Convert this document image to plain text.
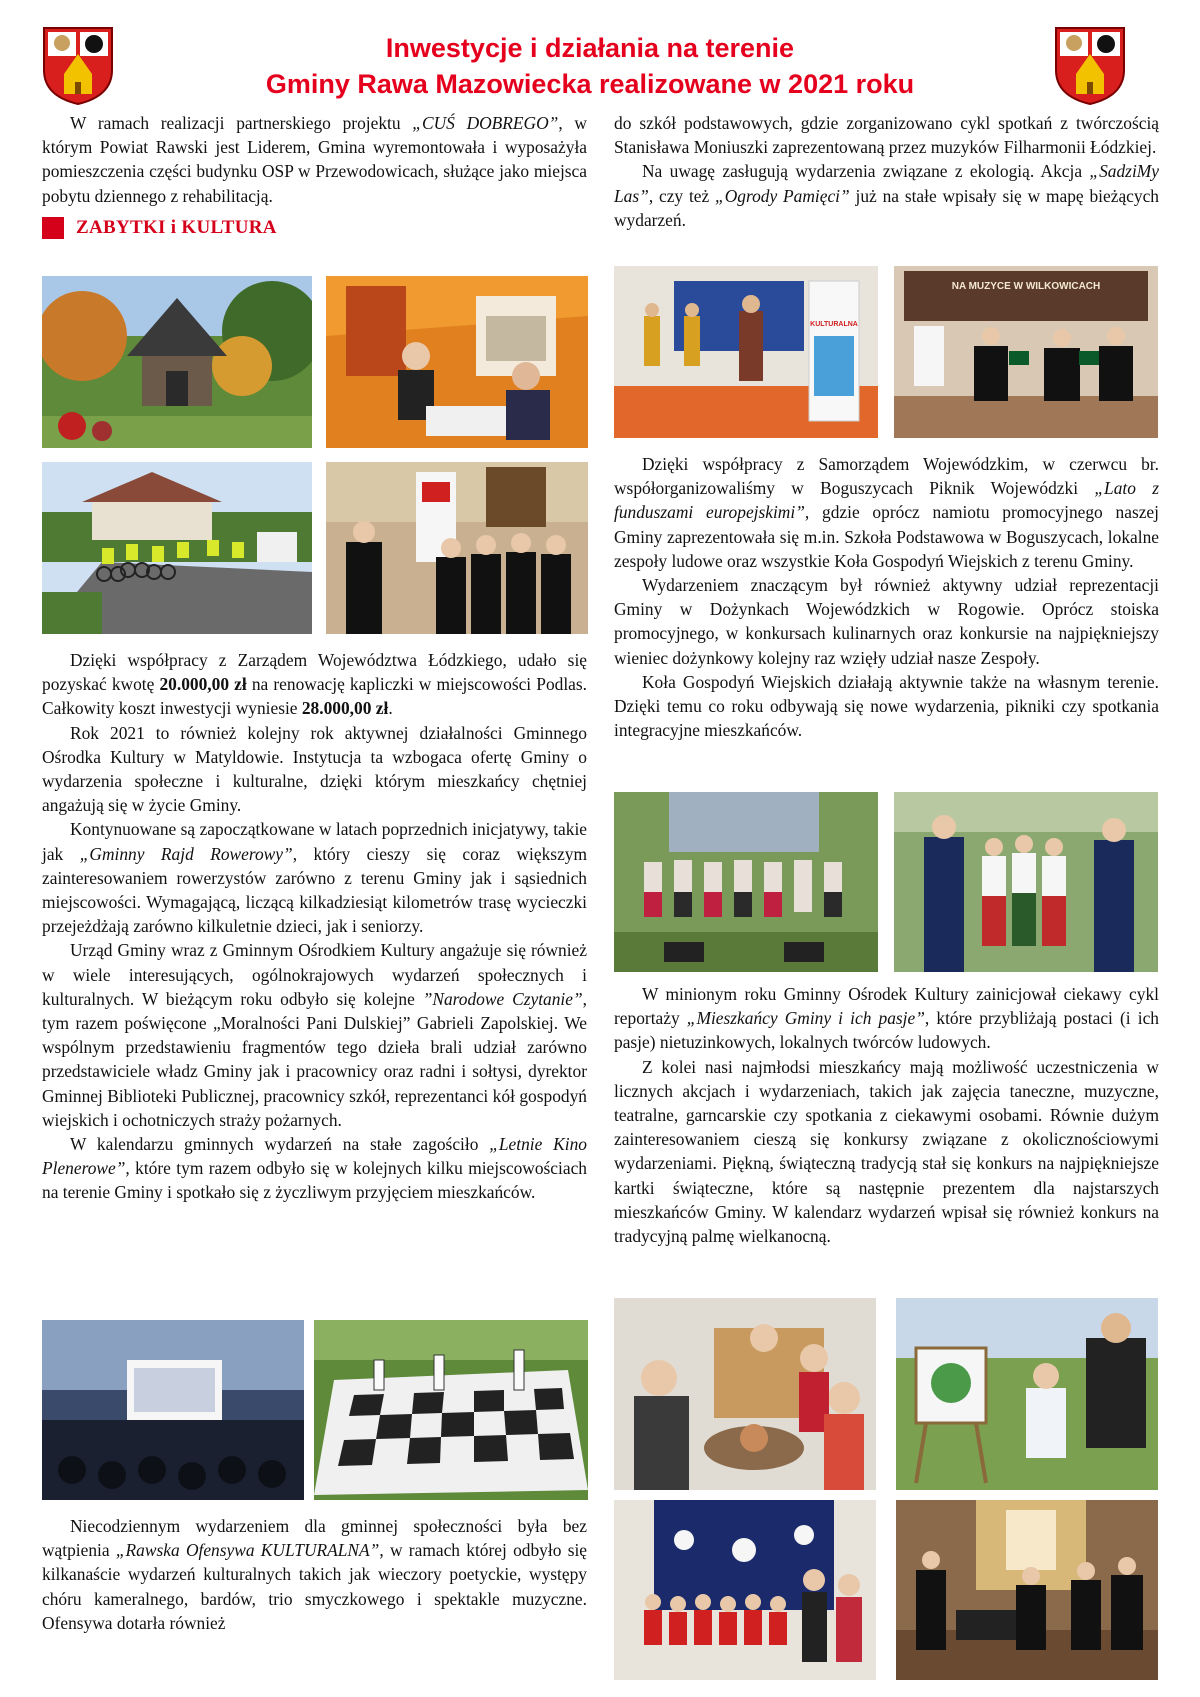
Inwestycje i działania na terenie
Gminy Rawa Mazowiecka realizowane w 2021 roku

W ramach realizacji partnerskiego projektu „CUŚ DOBREGO”, w którym Powiat Rawski jest Liderem, Gmina wyremontowała i wyposażyła pomieszczenia części budynku OSP w Przewodowicach, służące jako miejsca pobytu dziennego z rehabilitacją.

ZABYTKI i KULTURA

Dzięki współpracy z Zarządem Województwa Łódzkiego, udało się pozyskać kwotę 20.000,00 zł na renowację kapliczki w miejscowości Podlas. Całkowity koszt inwestycji wyniesie 28.000,00 zł.

Rok 2021 to również kolejny rok aktywnej działalności Gminnego Ośrodka Kultury w Matyldowie. Instytucja ta wzbogaca ofertę Gminy o wydarzenia społeczne i kulturalne, dzięki którym mieszkańcy chętniej angażują się w życie Gminy.

Kontynuowane są zapoczątkowane w latach poprzednich inicjatywy, takie jak „Gminny Rajd Rowerowy”, który cieszy się coraz większym zainteresowaniem rowerzystów zarówno z terenu Gminy jak i sąsiednich miejscowości. Wymagającą, liczącą kilkadziesiąt kilometrów trasę wycieczki przejeżdżają zarówno kilkuletnie dzieci, jak i seniorzy.

Urząd Gminy wraz z Gminnym Ośrodkiem Kultury angażuje się również w wiele interesujących, ogólnokrajowych wydarzeń społecznych i kulturalnych. W bieżącym roku odbyło się kolejne ”Narodowe Czytanie”, tym razem poświęcone „Moralności Pani Dulskiej” Gabrieli Zapolskiej. We wspólnym przedstawieniu fragmentów tego dzieła brali udział zarówno przedstawiciele władz Gminy jak i pracownicy oraz radni i sołtysi, dyrektor Gminnej Biblioteki Publicznej, pracownicy szkół, reprezentanci kół gospodyń wiejskich i ochotniczych straży pożarnych.

W kalendarzu gminnych wydarzeń na stałe zagościło „Letnie Kino Plenerowe”, które tym razem odbyło się w kolejnych kilku miejscowościach na terenie Gminy i spotkało się z życzliwym przyjęciem mieszkańców.

Niecodziennym wydarzeniem dla gminnej społeczności była bez wątpienia „Rawska Ofensywa KULTURALNA”, w ramach której odbyło się kilkanaście wydarzeń kulturalnych takich jak wieczory poetyckie, występy chóru kameralnego, bardów, trio smyczkowego i spektakle muzyczne. Ofensywa dotarła również

do szkół podstawowych, gdzie zorganizowano cykl spotkań z twórczością Stanisława Moniuszki zaprezentowaną przez muzyków Filharmonii Łódzkiej.

Na uwagę zasługują wydarzenia związane z ekologią. Akcja „SadziMy Las”, czy też „Ogrody Pamięci” już na stałe wpisały się w mapę bieżących wydarzeń.

KULTURALNA
NA MUZYCE W WILKOWICACH

Dzięki współpracy z Samorządem Wojewódzkim, w czerwcu br. współorganizowaliśmy w Boguszycach Piknik Wojewódzki „Lato z funduszami europejskimi”, gdzie oprócz namiotu promocyjnego naszej Gminy zaprezentowała się m.in. Szkoła Podstawowa w Boguszycach, lokalne zespoły ludowe oraz wszystkie Koła Gospodyń Wiejskich z terenu Gminy.

Wydarzeniem znaczącym był również aktywny udział reprezentacji Gminy w Dożynkach Wojewódzkich w Rogowie. Oprócz stoiska promocyjnego, w konkursach kulinarnych oraz konkursie na najpiękniejszy wieniec dożynkowy kolejny raz wzięły udział nasze Zespoły.

Koła Gospodyń Wiejskich działają aktywnie także na własnym terenie. Dzięki temu co roku odbywają się nowe wydarzenia, pikniki czy spotkania integracyjne mieszkańców.

W minionym roku Gminny Ośrodek Kultury zainicjował ciekawy cykl reportaży „Mieszkańcy Gminy i ich pasje”, które przybliżają postaci (i ich pasje) nietuzinkowych, lokalnych twórców ludowych.

Z kolei nasi najmłodsi mieszkańcy mają możliwość uczestniczenia w licznych akcjach i wydarzeniach, takich jak zajęcia taneczne, muzyczne, teatralne, garncarskie czy spotkania z ciekawymi osobami. Równie dużym zainteresowaniem cieszą się konkursy związane z okolicznościowymi wydarzeniami. Piękną, świąteczną tradycją stał się konkurs na najpiękniejsze kartki świąteczne, które są następnie prezentem dla najstarszych mieszkańców Gminy. W kalendarz wydarzeń wpisał się również konkurs na tradycyjną palmę wielkanocną.
